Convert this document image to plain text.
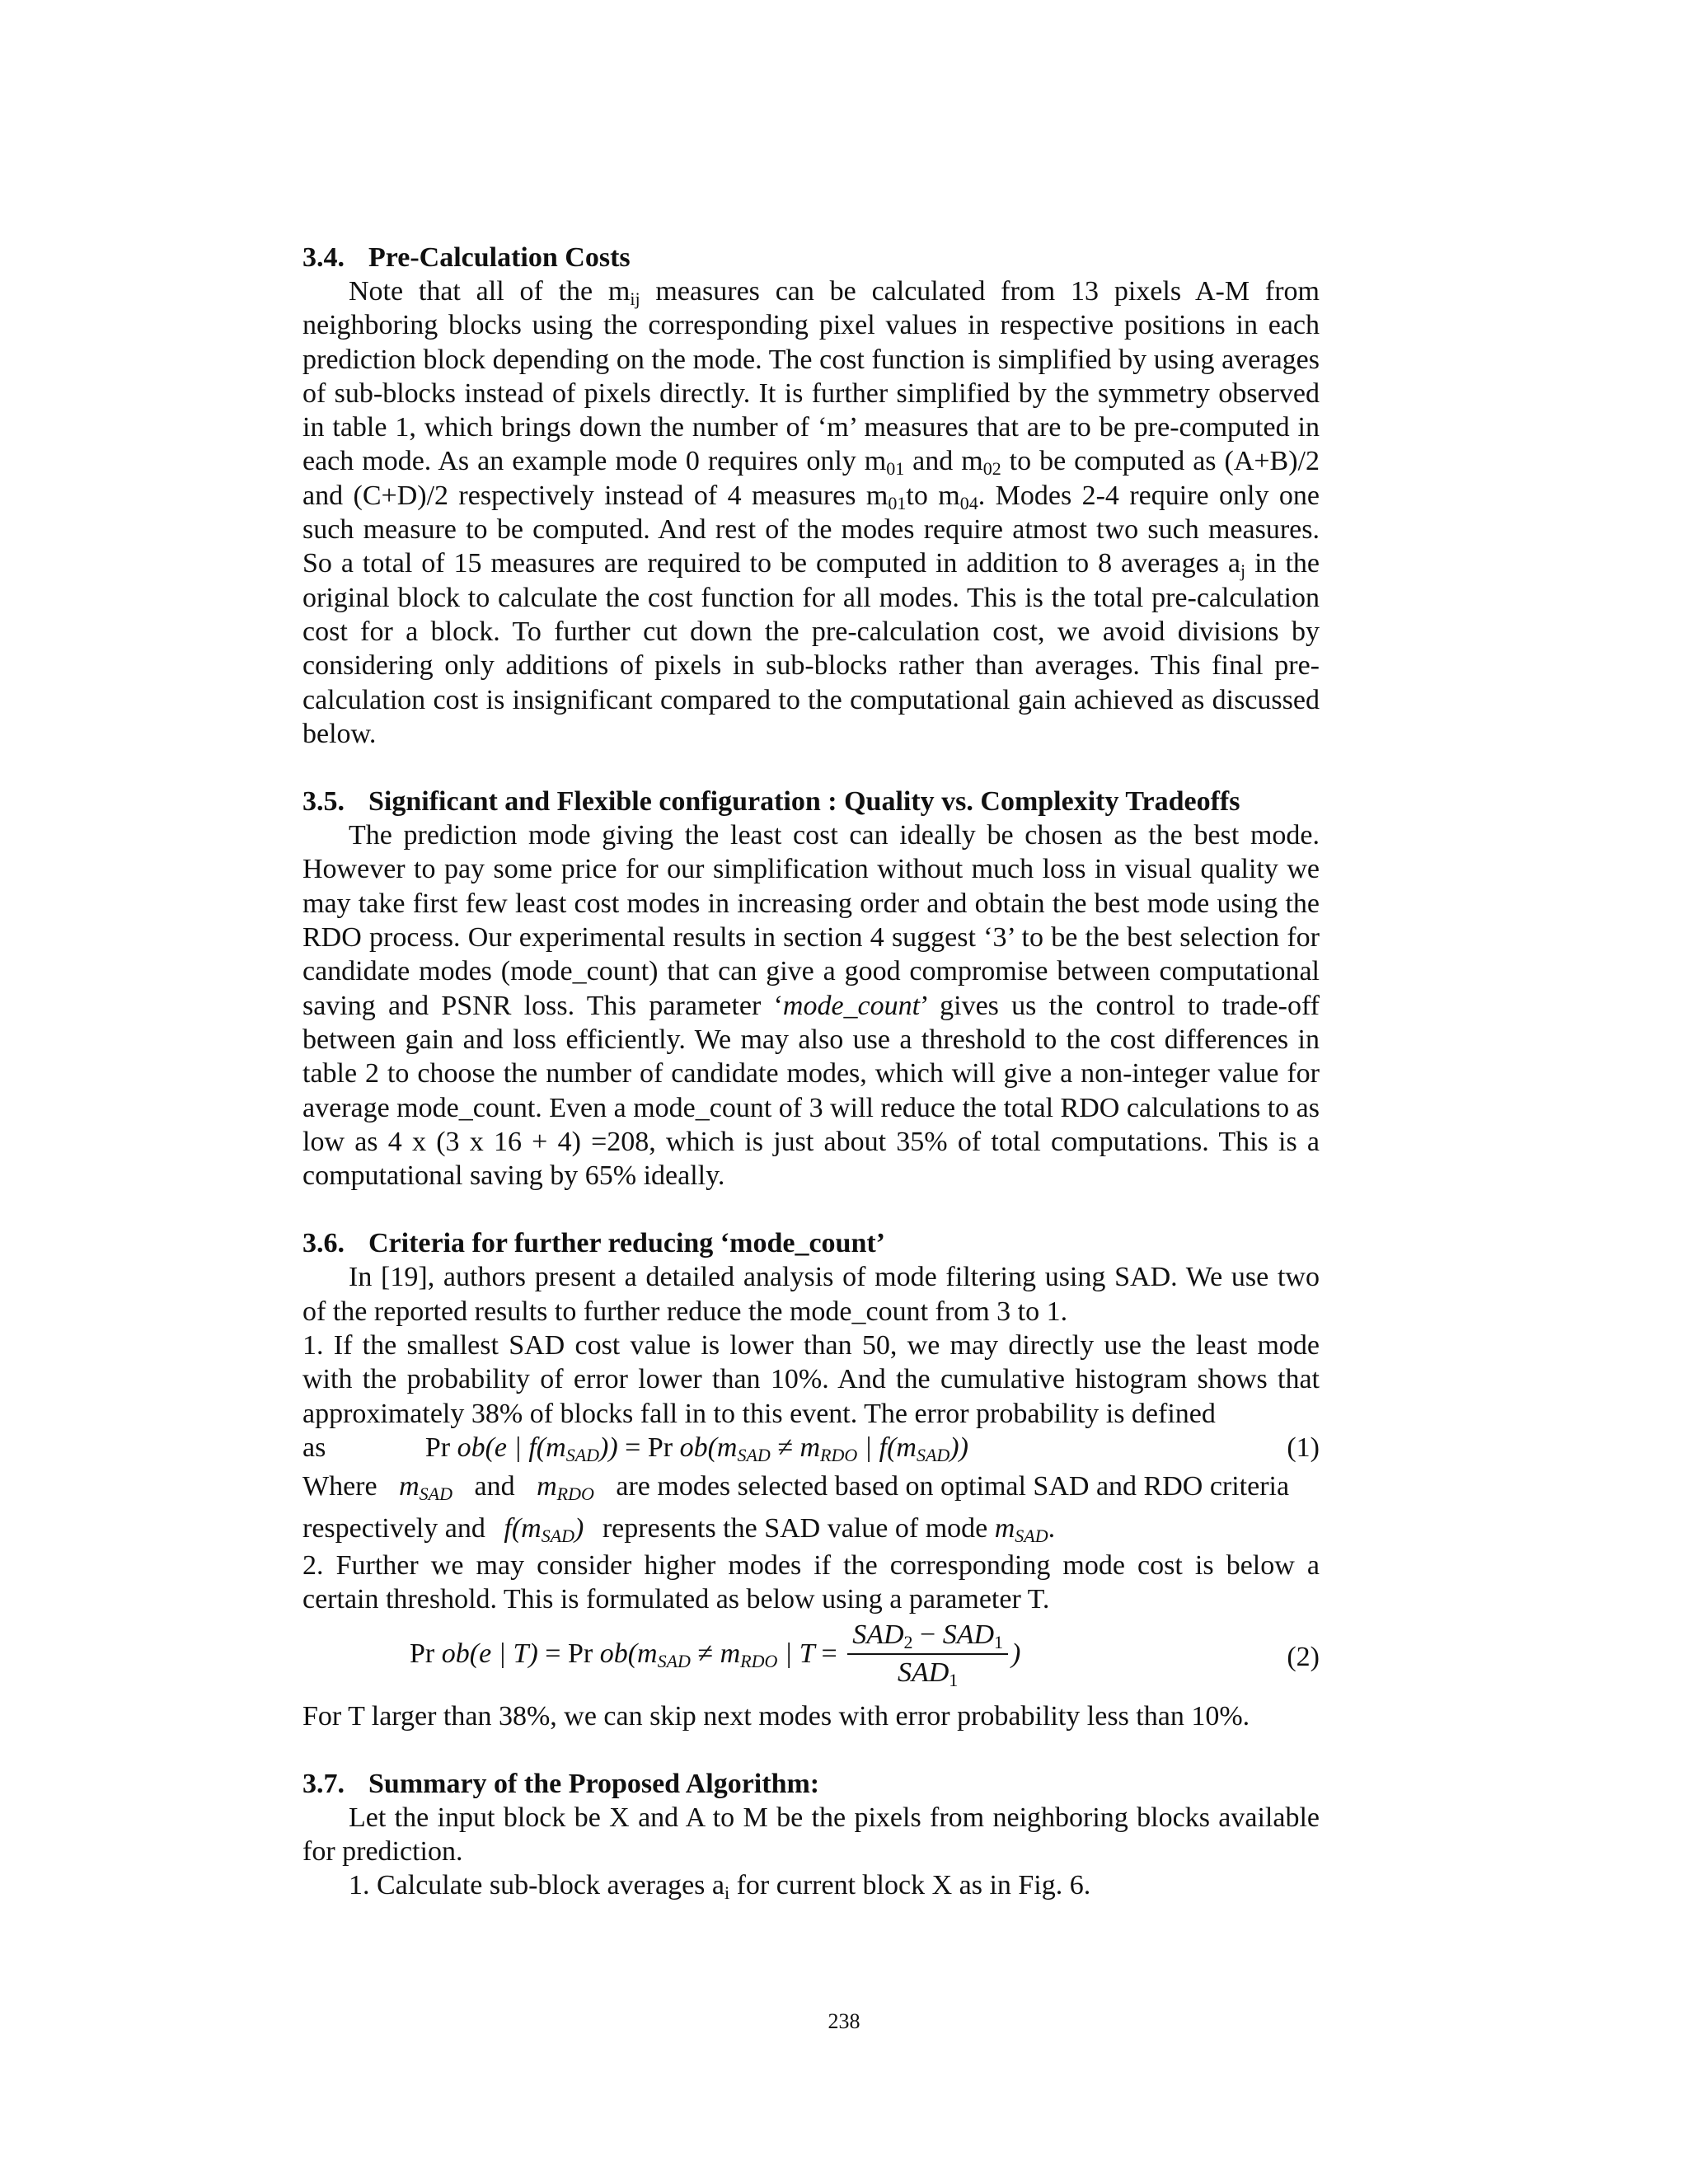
3.4. Pre-Calculation Costs

Note that all of the $m_{ij}$ measures can be calculated from 13 pixels A-M from neighboring blocks using the corresponding pixel values in respective positions in each prediction block depending on the mode. The cost function is simplified by using averages of sub-blocks instead of pixels directly. It is further simplified by the symmetry observed in table 1, which brings down the number of ‘m’ measures that are to be pre-computed in each mode. As an example mode 0 requires only $m_{01}$ and $m_{02}$ to be computed as (A+B)/2 and (C+D)/2 respectively instead of 4 measures $m_{01}to$ $m_{04}$. Modes 2-4 require only one such measure to be computed. And rest of the modes require atmost two such measures. So a total of 15 measures are required to be computed in addition to 8 averages $a_j$ in the original block to calculate the cost function for all modes. This is the total pre-calculation cost for a block. To further cut down the pre-calculation cost, we avoid divisions by considering only additions of pixels in sub-blocks rather than averages. This final pre-calculation cost is insignificant compared to the computational gain achieved as discussed below.

3.5. Significant and Flexible configuration : Quality vs. Complexity Tradeoffs

The prediction mode giving the least cost can ideally be chosen as the best mode. However to pay some price for our simplification without much loss in visual quality we may take first few least cost modes in increasing order and obtain the best mode using the RDO process. Our experimental results in section 4 suggest ‘3’ to be the best selection for candidate modes (mode_count) that can give a good compromise between computational saving and PSNR loss. This parameter ‘mode_count’ gives us the control to trade-off between gain and loss efficiently. We may also use a threshold to the cost differences in table 2 to choose the number of candidate modes, which will give a non-integer value for average mode_count. Even a mode_count of 3 will reduce the total RDO calculations to as low as 4 x (3 x 16 + 4) =208, which is just about 35% of total computations. This is a computational saving by 65% ideally.

3.6. Criteria for further reducing ‘mode_count’

In [19], authors present a detailed analysis of mode filtering using SAD. We use two of the reported results to further reduce the mode_count from 3 to 1.

1. If the smallest SAD cost value is lower than 50, we may directly use the least mode with the probability of error lower than 10%. And the cumulative histogram shows that approximately 38% of blocks fall in to this event. The error probability is defined

as	Pr ob(e | $f(m_{SAD})) = Pr$ $ob(m_{SAD} \ne m_{RDO}$ | $f(m_{SAD})$)	(1)
Where $m_{SAD}$ and $m_{RDO}$ are modes selected based on optimal SAD and RDO criteria
respectively and $f(m_{SAD})$ represents the SAD value of mode $m_{SAD}$.

2. Further we may consider higher modes if the corresponding mode cost is below a certain threshold. This is formulated as below using a parameter T.

Pr ob(e | T) = Pr $ob(m_{SAD} \ne m_{RDO}$ | $T = \frac{SAD_2 - SAD_1}{SAD_1}$ )	(2)

For T larger than 38%, we can skip next modes with error probability less than 10%.

3.7. Summary of the Proposed Algorithm:

Let the input block be X and A to M be the pixels from neighboring blocks available for prediction.

1. Calculate sub-block averages $a_i$ for current block X as in Fig. 6.
238
